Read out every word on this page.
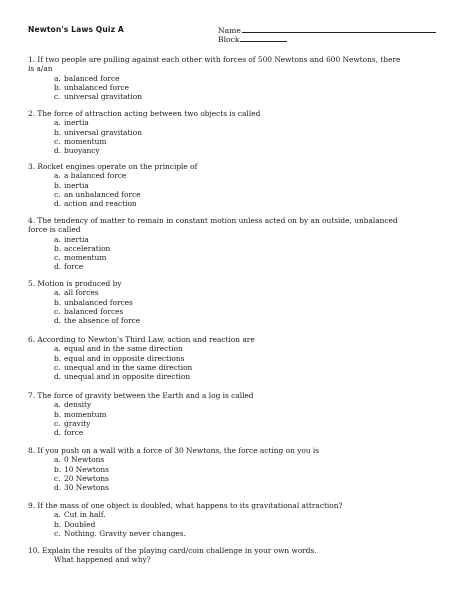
Newton's Laws Quiz A	Name
Block
1. If two people are pulling against each other with forces of 500 Newtons and 600 Newtons, there
is a/an
a. balanced force
b. unbalanced force
c. universal gravitation
2. The force of attraction acting between two objects is called
a. inertia
b. universal gravitation
c. momentum
d. buoyancy
3. Rocket engines operate on the principle of
a. a balanced force
b. inertia
c. an unbalanced force
d. action and reaction
4. The tendency of matter to remain in constant motion unless acted on by an outside, unbalanced
force is called
a. inertia
b. acceleration
c. momentum
d. force
5. Motion is produced by
a. all forces
b. unbalanced forces
c. balanced forces
d. the absence of force
6. According to Newton's Third Law, action and reaction are
a. equal and in the same direction
b. equal and in opposite directions
c. unequal and in the same direction
d. unequal and in opposite direction
7. The force of gravity between the Earth and a log is called
a. density
b. momentum
c. gravity
d. force
8. If you push on a wall with a force of 30 Newtons, the force acting on you is
a. 0 Newtons
b. 10 Newtons
c. 20 Newtons
d. 30 Newtons
9. If the mass of one object is doubled, what happens to its gravitational attraction?
a. Cut in half.
b. Doubled
c. Nothing. Gravity never changes.
10. Explain the results of the playing card/coin challenge in your own words.
What happened and why?
